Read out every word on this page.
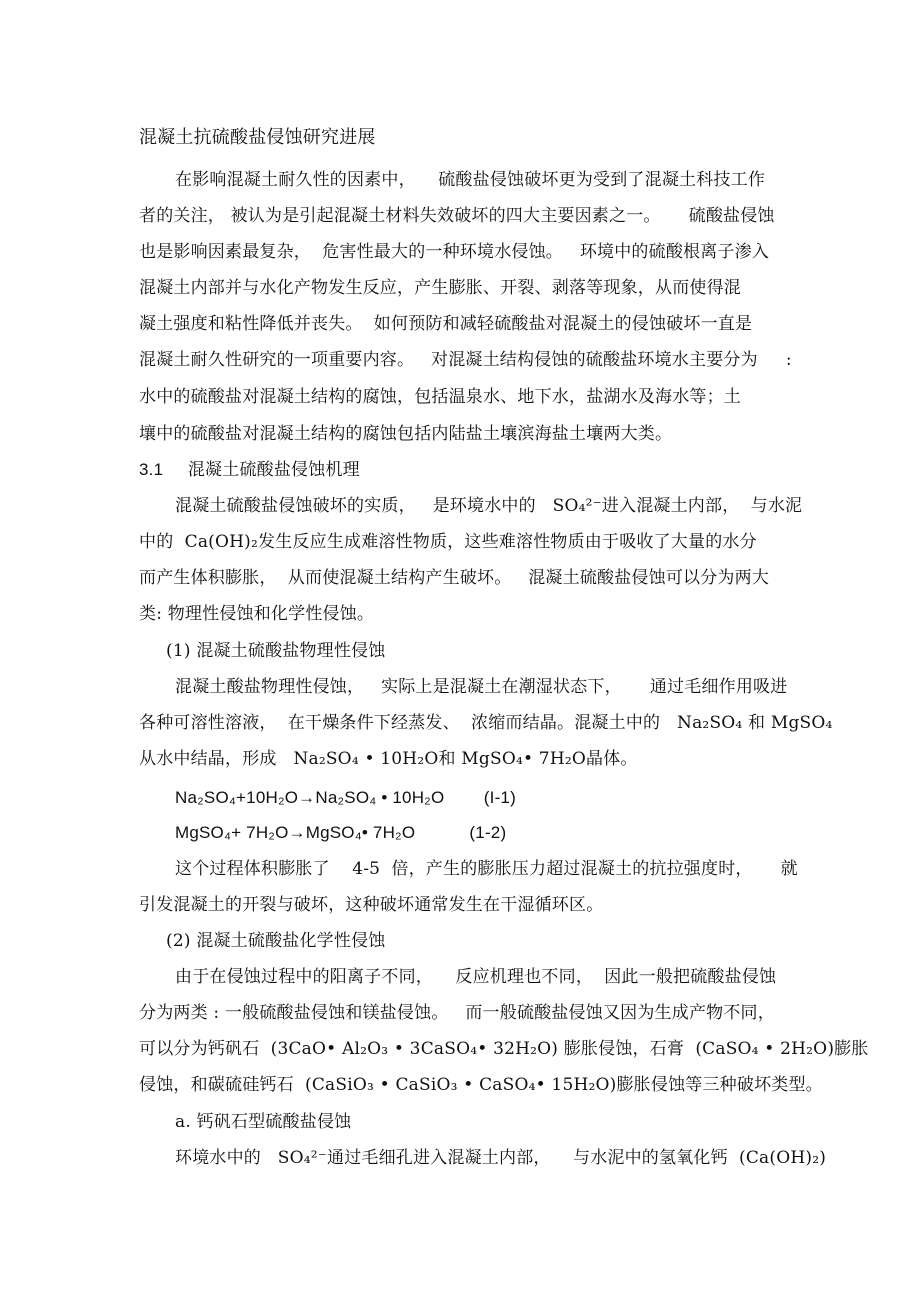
混凝土抗硫酸盐侵蚀研究进展
在影响混凝土耐久性的因素中，    硫酸盐侵蚀破坏更为受到了混凝土科技工作
者的关注， 被认为是引起混凝土材料失效破坏的四大主要因素之一。     硫酸盐侵蚀
也是影响因素最复杂，  危害性最大的一种环境水侵蚀。   环境中的硫酸根离子渗入
混凝土内部并与水化产物发生反应，产生膨胀、开裂、剥落等现象，从而使得混
凝土强度和粘性降低并丧失。  如何预防和减轻硫酸盐对混凝土的侵蚀破坏一直是
混凝土耐久性研究的一项重要内容。   对混凝土结构侵蚀的硫酸盐环境水主要分为     :
水中的硫酸盐对混凝土结构的腐蚀，包括温泉水、地下水，盐湖水及海水等；土
壤中的硫酸盐对混凝土结构的腐蚀包括内陆盐土壤滨海盐土壤两大类。
3.1     混凝土硫酸盐侵蚀机理
混凝土硫酸盐侵蚀破坏的实质，   是环境水中的   SO₄²⁻进入混凝土内部，  与水泥
中的  Ca(OH)₂发生反应生成难溶性物质，这些难溶性物质由于吸收了大量的水分
而产生体积膨胀，  从而使混凝土结构产生破坏。   混凝土硫酸盐侵蚀可以分为两大
类: 物理性侵蚀和化学性侵蚀。
(1) 混凝土硫酸盐物理性侵蚀
混凝土酸盐物理性侵蚀，   实际上是混凝土在潮湿状态下，     通过毛细作用吸进
各种可溶性溶液，  在干燥条件下经蒸发、  浓缩而结晶。混凝土中的   Na₂SO₄ 和 MgSO₄
从水中结晶，形成   Na₂SO₄ • 10H₂O和 MgSO₄• 7H₂O晶体。
Na₂SO₄+10H₂O→Na₂SO₄ • 10H₂O        (I-1)
MgSO₄+ 7H₂O→MgSO₄• 7H₂O           (1-2)
这个过程体积膨胀了    4-5  倍，产生的膨胀压力超过混凝土的抗拉强度时，     就
引发混凝土的开裂与破坏，这种破坏通常发生在干湿循环区。
(2) 混凝土硫酸盐化学性侵蚀
由于在侵蚀过程中的阳离子不同，    反应机理也不同，  因此一般把硫酸盐侵蚀
分为两类 : 一般硫酸盐侵蚀和镁盐侵蚀。   而一般硫酸盐侵蚀又因为生成产物不同，
可以分为钙矾石  (3CaO• Al₂O₃ • 3CaSO₄• 32H₂O) 膨胀侵蚀，石膏  (CaSO₄ • 2H₂O)膨胀
侵蚀，和碳硫硅钙石  (CaSiO₃ • CaSiO₃ • CaSO₄• 15H₂O)膨胀侵蚀等三种破坏类型。
a. 钙矾石型硫酸盐侵蚀
环境水中的   SO₄²⁻通过毛细孔进入混凝土内部，    与水泥中的氢氧化钙  (Ca(OH)₂)
